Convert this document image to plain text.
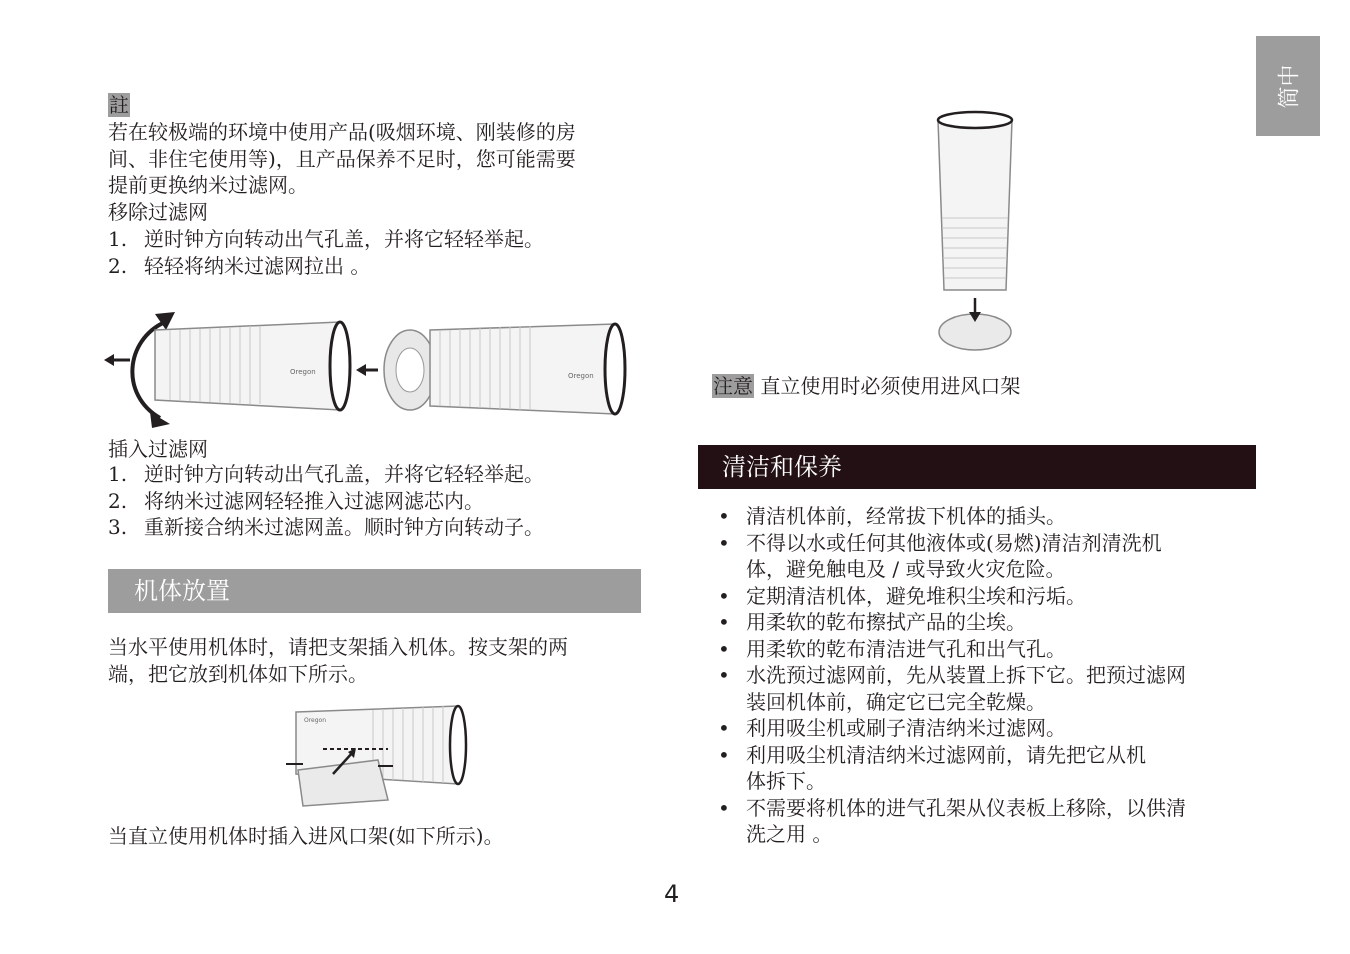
简中
註
若在较极端的环境中使用产品(吸烟环境、刚装修的房
间、非住宅使用等)，且产品保养不足时，您可能需要
提前更换纳米过滤网。
移除过滤网
1. 逆时钟方向转动出气孔盖，并将它轻轻举起。
2. 轻轻将纳米过滤网拉出 。
Oregon	Oregon
插入过滤网
1. 逆时钟方向转动出气孔盖，并将它轻轻举起。
2. 将纳米过滤网轻轻推入过滤网滤芯内。
3. 重新接合纳米过滤网盖。顺时钟方向转动子。
机体放置
当水平使用机体时，请把支架插入机体。按支架的两
端，把它放到机体如下所示。
Oregon
当直立使用机体时插入进风口架(如下所示)。
注意 直立使用时必须使用进风口架
清洁和保养
• 清洁机体前，经常拔下机体的插头。
• 不得以水或任何其他液体或(易燃)清洁剂清洗机
体，避免触电及 / 或导致火灾危险。
• 定期清洁机体，避免堆积尘埃和污垢。
• 用柔软的乾布擦拭产品的尘埃。
• 用柔软的乾布清洁进气孔和出气孔。
• 水洗预过滤网前，先从装置上拆下它。把预过滤网
装回机体前，确定它已完全乾燥。
• 利用吸尘机或刷子清洁纳米过滤网。
• 利用吸尘机清洁纳米过滤网前，请先把它从机
体拆下。
• 不需要将机体的进气孔架从仪表板上移除，以供清
洗之用 。
4
